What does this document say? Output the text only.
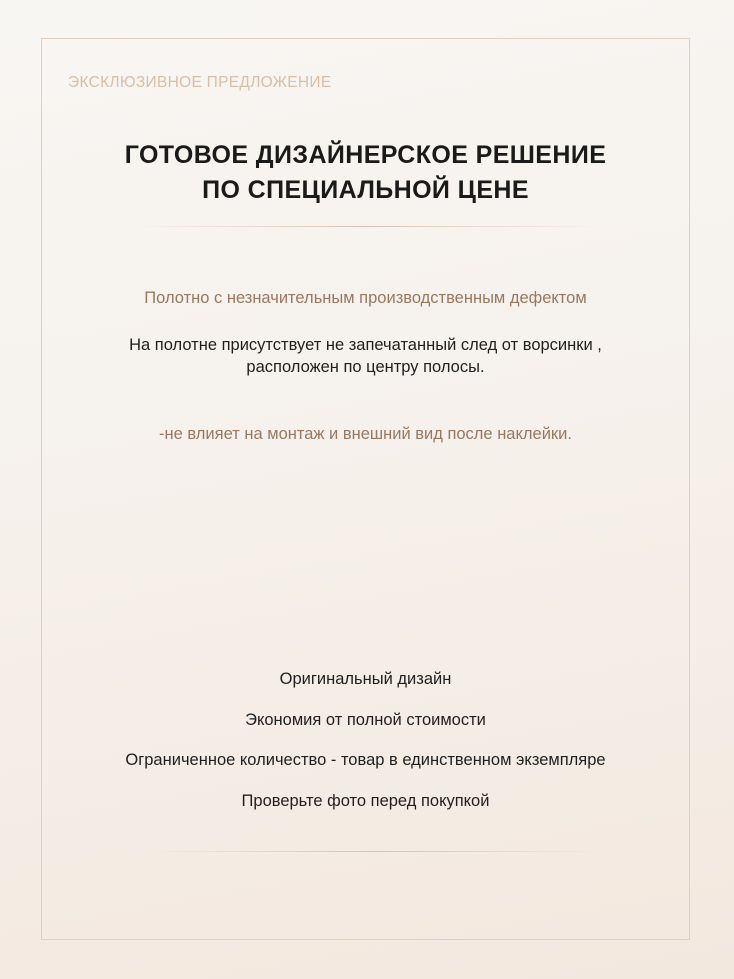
ЭКСКЛЮЗИВНОЕ ПРЕДЛОЖЕНИЕ
ГОТОВОЕ ДИЗАЙНЕРСКОЕ РЕШЕНИЕ
ПО СПЕЦИАЛЬНОЙ ЦЕНЕ
Полотно с незначительным производственным дефектом
На полотне присутствует не запечатанный след от ворсинки ,
расположен по центру полосы.
-не влияет на монтаж и внешний вид после наклейки.
Оригинальный дизайн
Экономия от полной стоимости
Ограниченное количество - товар в единственном экземпляре
Проверьте фото перед покупкой
